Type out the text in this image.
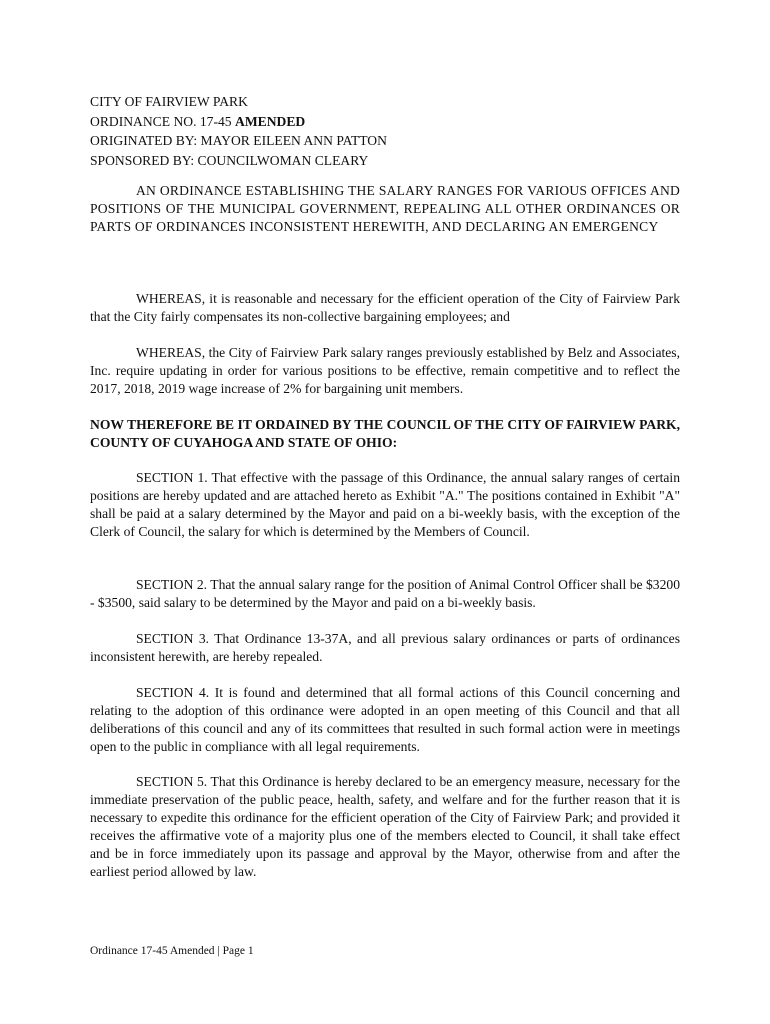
CITY OF FAIRVIEW PARK
ORDINANCE NO. 17-45 AMENDED
ORIGINATED BY: MAYOR EILEEN ANN PATTON
SPONSORED BY: COUNCILWOMAN CLEARY

AN ORDINANCE ESTABLISHING THE SALARY RANGES FOR VARIOUS OFFICES AND POSITIONS OF THE MUNICIPAL GOVERNMENT, REPEALING ALL OTHER ORDINANCES OR PARTS OF ORDINANCES INCONSISTENT HEREWITH, AND DECLARING AN EMERGENCY

WHEREAS, it is reasonable and necessary for the efficient operation of the City of Fairview Park that the City fairly compensates its non-collective bargaining employees; and

WHEREAS, the City of Fairview Park salary ranges previously established by Belz and Associates, Inc. require updating in order for various positions to be effective, remain competitive and to reflect the 2017, 2018, 2019 wage increase of 2% for bargaining unit members.

NOW THEREFORE BE IT ORDAINED BY THE COUNCIL OF THE CITY OF FAIRVIEW PARK, COUNTY OF CUYAHOGA AND STATE OF OHIO:

SECTION 1. That effective with the passage of this Ordinance, the annual salary ranges of certain positions are hereby updated and are attached hereto as Exhibit "A." The positions contained in Exhibit "A" shall be paid at a salary determined by the Mayor and paid on a bi-weekly basis, with the exception of the Clerk of Council, the salary for which is determined by the Members of Council.

SECTION 2. That the annual salary range for the position of Animal Control Officer shall be $3200 - $3500, said salary to be determined by the Mayor and paid on a bi-weekly basis.

SECTION 3. That Ordinance 13-37A, and all previous salary ordinances or parts of ordinances inconsistent herewith, are hereby repealed.

SECTION 4. It is found and determined that all formal actions of this Council concerning and relating to the adoption of this ordinance were adopted in an open meeting of this Council and that all deliberations of this council and any of its committees that resulted in such formal action were in meetings open to the public in compliance with all legal requirements.

SECTION 5. That this Ordinance is hereby declared to be an emergency measure, necessary for the immediate preservation of the public peace, health, safety, and welfare and for the further reason that it is necessary to expedite this ordinance for the efficient operation of the City of Fairview Park; and provided it receives the affirmative vote of a majority plus one of the members elected to Council, it shall take effect and be in force immediately upon its passage and approval by the Mayor, otherwise from and after the earliest period allowed by law.

Ordinance 17-45 Amended | Page 1
